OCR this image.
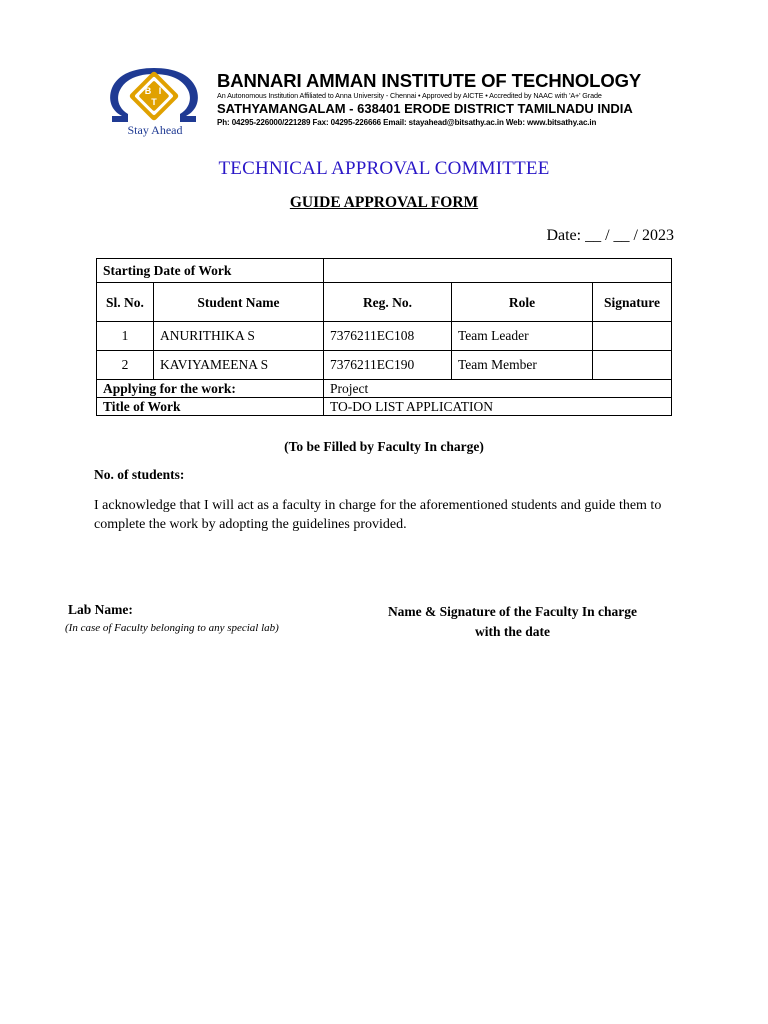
B I
T
Stay Ahead
BANNARI AMMAN INSTITUTE OF TECHNOLOGY
An Autonomous Institution Affiliated to Anna University - Chennai • Approved by AICTE • Accredited by NAAC with 'A+' Grade
SATHYAMANGALAM - 638401 ERODE DISTRICT TAMILNADU INDIA
Ph: 04295-226000/221289 Fax: 04295-226666 Email: stayahead@bitsathy.ac.in Web: www.bitsathy.ac.in
TECHNICAL APPROVAL COMMITTEE
GUIDE APPROVAL FORM
Date: __ / __ / 2023
Starting Date of Work				
Sl. No.	Student Name	Reg. No.	Role	Signature
1	ANURITHIKA S	7376211EC108	Team Leader	
2	KAVIYAMEENA S	7376211EC190	Team Member	
Applying for the work:		Project		
Title of Work		TO-DO LIST APPLICATION		
(To be Filled by Faculty In charge)
No. of students:
I acknowledge that I will act as a faculty in charge for the aforementioned students and guide them to complete the work by adopting the guidelines provided.
Lab Name:
(In case of Faculty belonging to any special lab)
Name & Signature of the Faculty In charge
with the date
